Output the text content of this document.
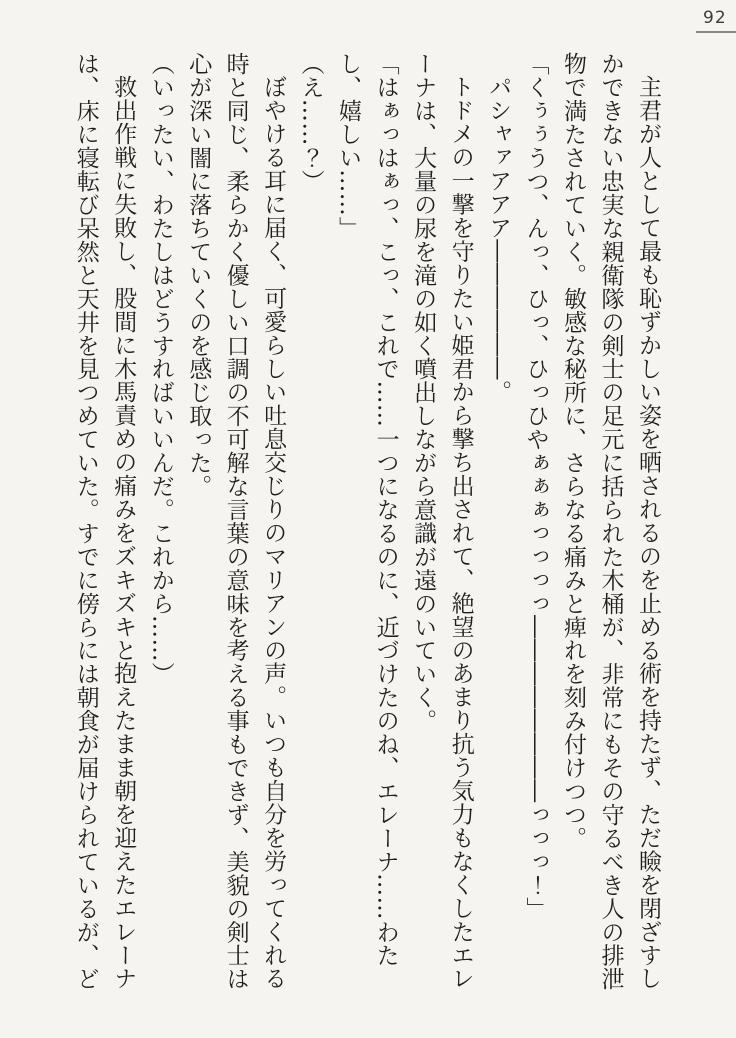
92

主君が人として最も恥ずかしい姿を晒されるのを止める術を持たず、ただ瞼を閉ざすしかできない忠実な親衛隊の剣士の足元に括られた木桶が、非常にもその守るべき人の排泄物で満たされていく。敏感な秘所に、さらなる痛みと痺れを刻み付けつつ。

「くぅぅうつ、んっ、ひっ、ひっひやぁぁぁっっっっ――――――――っっっ！」

パシャァアアア――――――。

トドメの一撃を守りたい姫君から撃ち出されて、絶望のあまり抗う気力もなくしたエレーナは、大量の尿を滝の如く噴出しながら意識が遠のいていく。

「はぁっはぁっ、こっ、これで……一つになるのに、近づけたのね、エレーナ……わたし、嬉しい……」

（え……？）

ぼやける耳に届く、可愛らしい吐息交じりのマリアンの声。いつも自分を労ってくれる時と同じ、柔らかく優しい口調の不可解な言葉の意味を考える事もできず、美貌の剣士は心が深い闇に落ちていくのを感じ取った。

（いったい、わたしはどうすればいいんだ。これから……）

救出作戦に失敗し、股間に木馬責めの痛みをズキズキと抱えたまま朝を迎えたエレーナは、床に寝転び呆然と天井を見つめていた。すでに傍らには朝食が届けられているが、ど
